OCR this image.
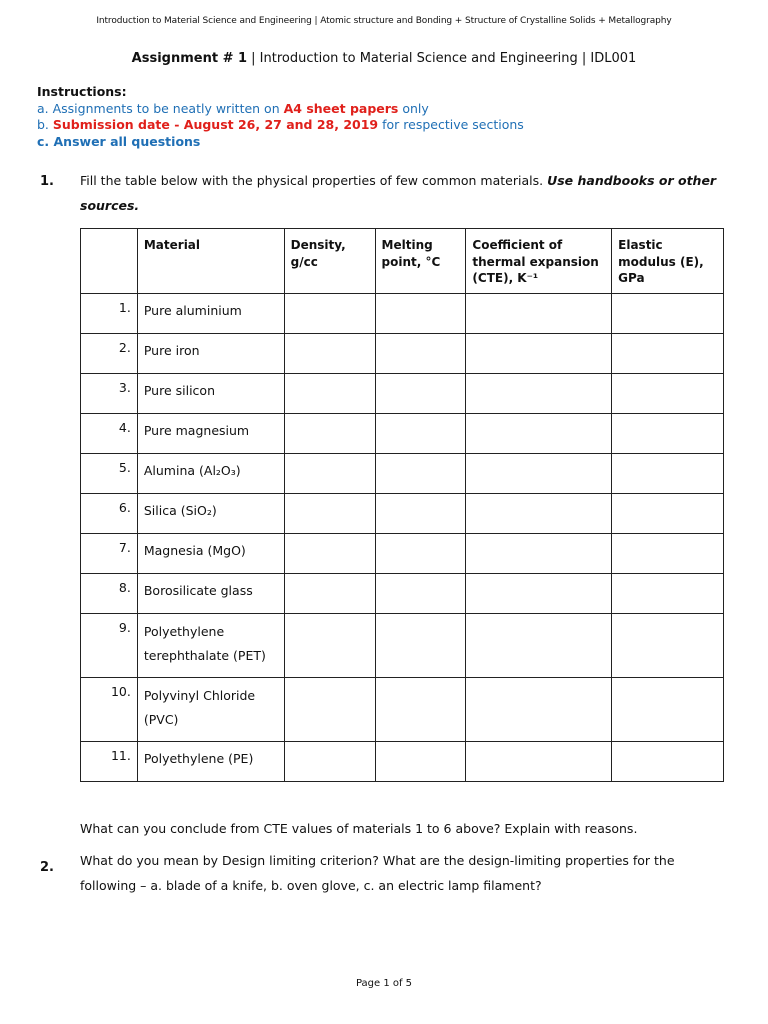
Introduction to Material Science and Engineering | Atomic structure and Bonding + Structure of Crystalline Solids + Metallography
Assignment # 1 | Introduction to Material Science and Engineering | IDL001
Instructions:
a. Assignments to be neatly written on A4 sheet papers only
b. Submission date - August 26, 27 and 28, 2019 for respective sections
c. Answer all questions
1. Fill the table below with the physical properties of few common materials. Use handbooks or other sources.
	Material	Density, g/cc	Melting point, °C	Coefficient of thermal expansion (CTE), K⁻¹	Elastic modulus (E), GPa
1.	Pure aluminium				
2.	Pure iron				
3.	Pure silicon				
4.	Pure magnesium				
5.	Alumina (Al₂O₃)				
6.	Silica (SiO₂)				
7.	Magnesia (MgO)				
8.	Borosilicate glass				
9.	Polyethylene terephthalate (PET)				
10.	Polyvinyl Chloride (PVC)				
11.	Polyethylene (PE)				
What can you conclude from CTE values of materials 1 to 6 above? Explain with reasons.
2. What do you mean by Design limiting criterion? What are the design-limiting properties for the following – a. blade of a knife, b. oven glove, c. an electric lamp filament?
Page 1 of 5
